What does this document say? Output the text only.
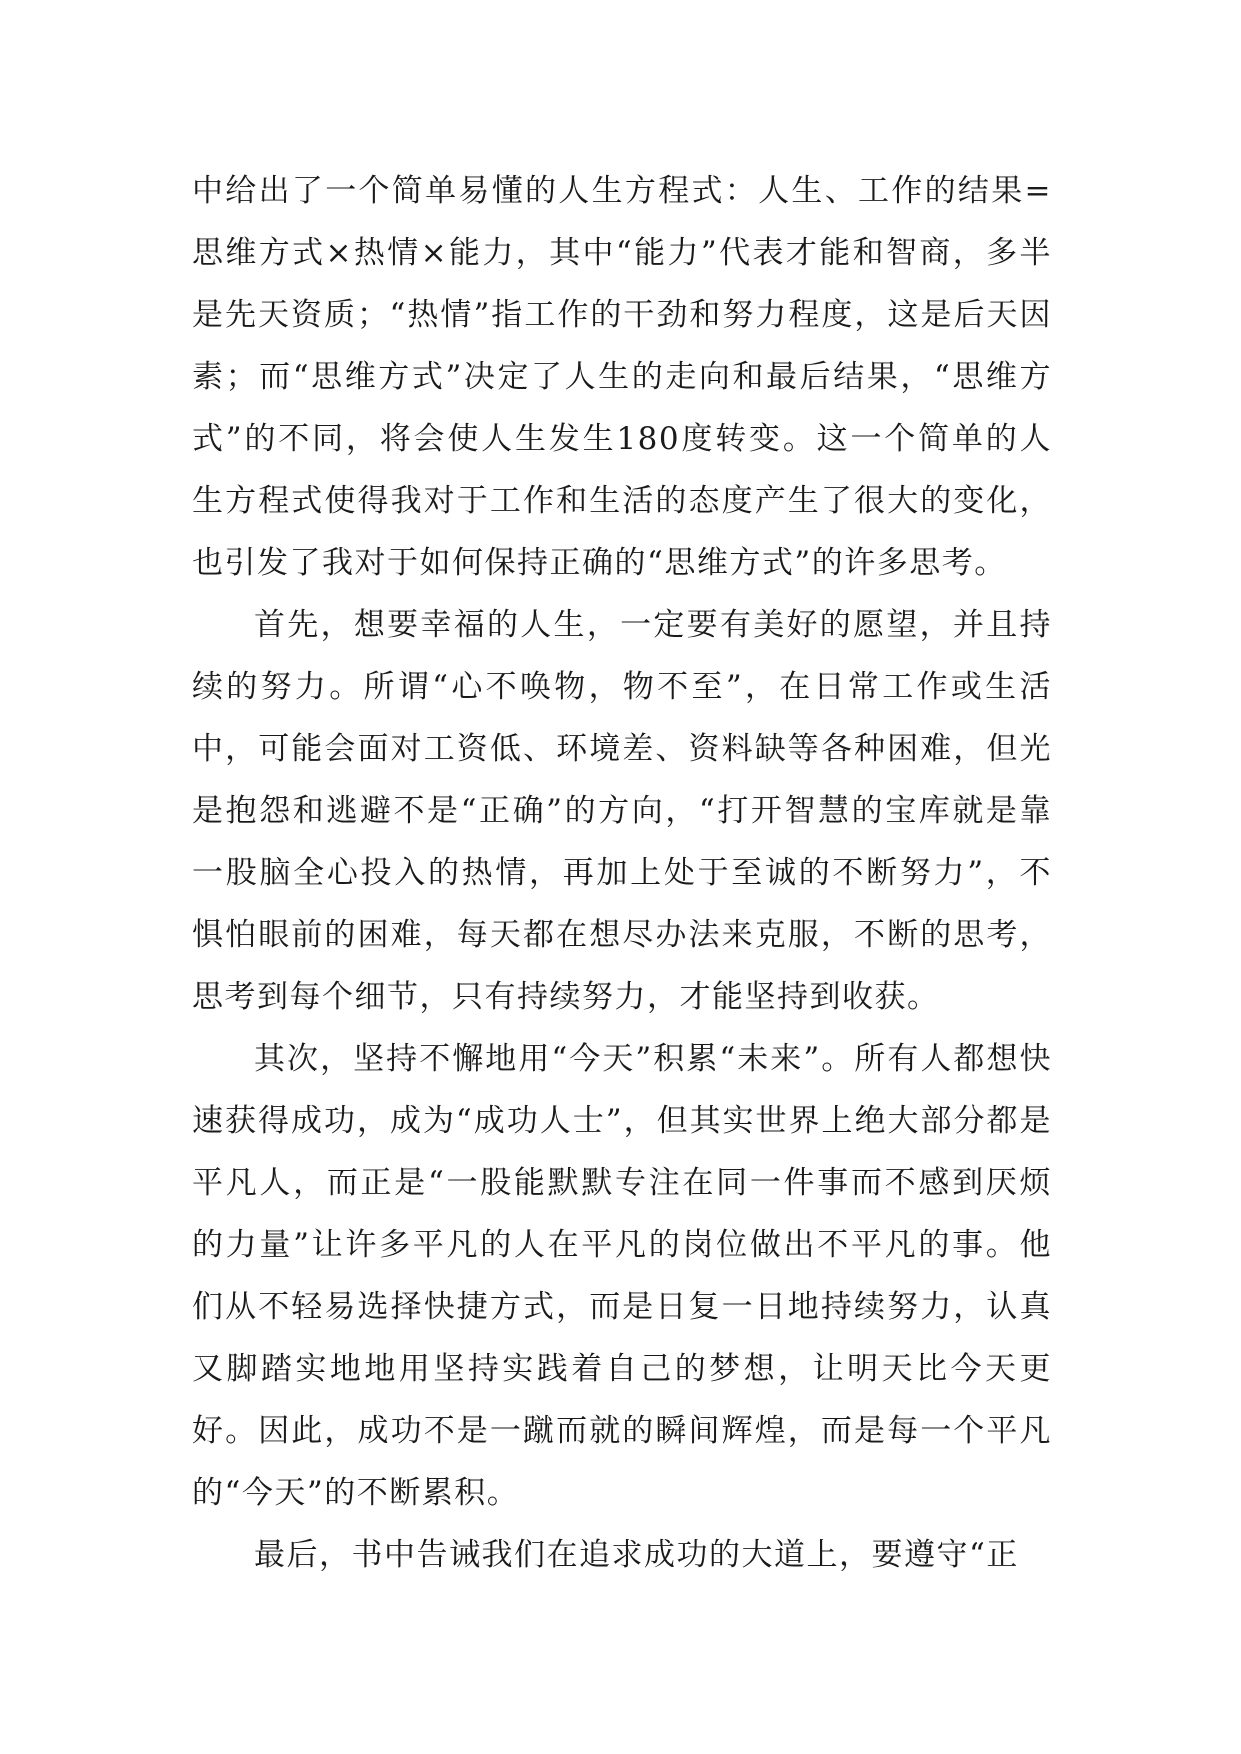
中给出了一个简单易懂的人生方程式：人生、工作的结果=思维方式×热情×能力，其中“能力”代表才能和智商，多半是先天资质；“热情”指工作的干劲和努力程度，这是后天因素；而“思维方式”决定了人生的走向和最后结果，“思维方式”的不同，将会使人生发生180度转变。这一个简单的人生方程式使得我对于工作和生活的态度产生了很大的变化，也引发了我对于如何保持正确的“思维方式”的许多思考。

首先，想要幸福的人生，一定要有美好的愿望，并且持续的努力。所谓“心不唤物，物不至”，在日常工作或生活中，可能会面对工资低、环境差、资料缺等各种困难，但光是抱怨和逃避不是“正确”的方向，“打开智慧的宝库就是靠一股脑全心投入的热情，再加上处于至诚的不断努力”，不惧怕眼前的困难，每天都在想尽办法来克服，不断的思考，思考到每个细节，只有持续努力，才能坚持到收获。

其次，坚持不懈地用“今天”积累“未来”。所有人都想快速获得成功，成为“成功人士”，但其实世界上绝大部分都是平凡人，而正是“一股能默默专注在同一件事而不感到厌烦的力量”让许多平凡的人在平凡的岗位做出不平凡的事。他们从不轻易选择快捷方式，而是日复一日地持续努力，认真又脚踏实地地用坚持实践着自己的梦想，让明天比今天更好。因此，成功不是一蹴而就的瞬间辉煌，而是每一个平凡的“今天”的不断累积。

最后，书中告诫我们在追求成功的大道上，要遵守“正
